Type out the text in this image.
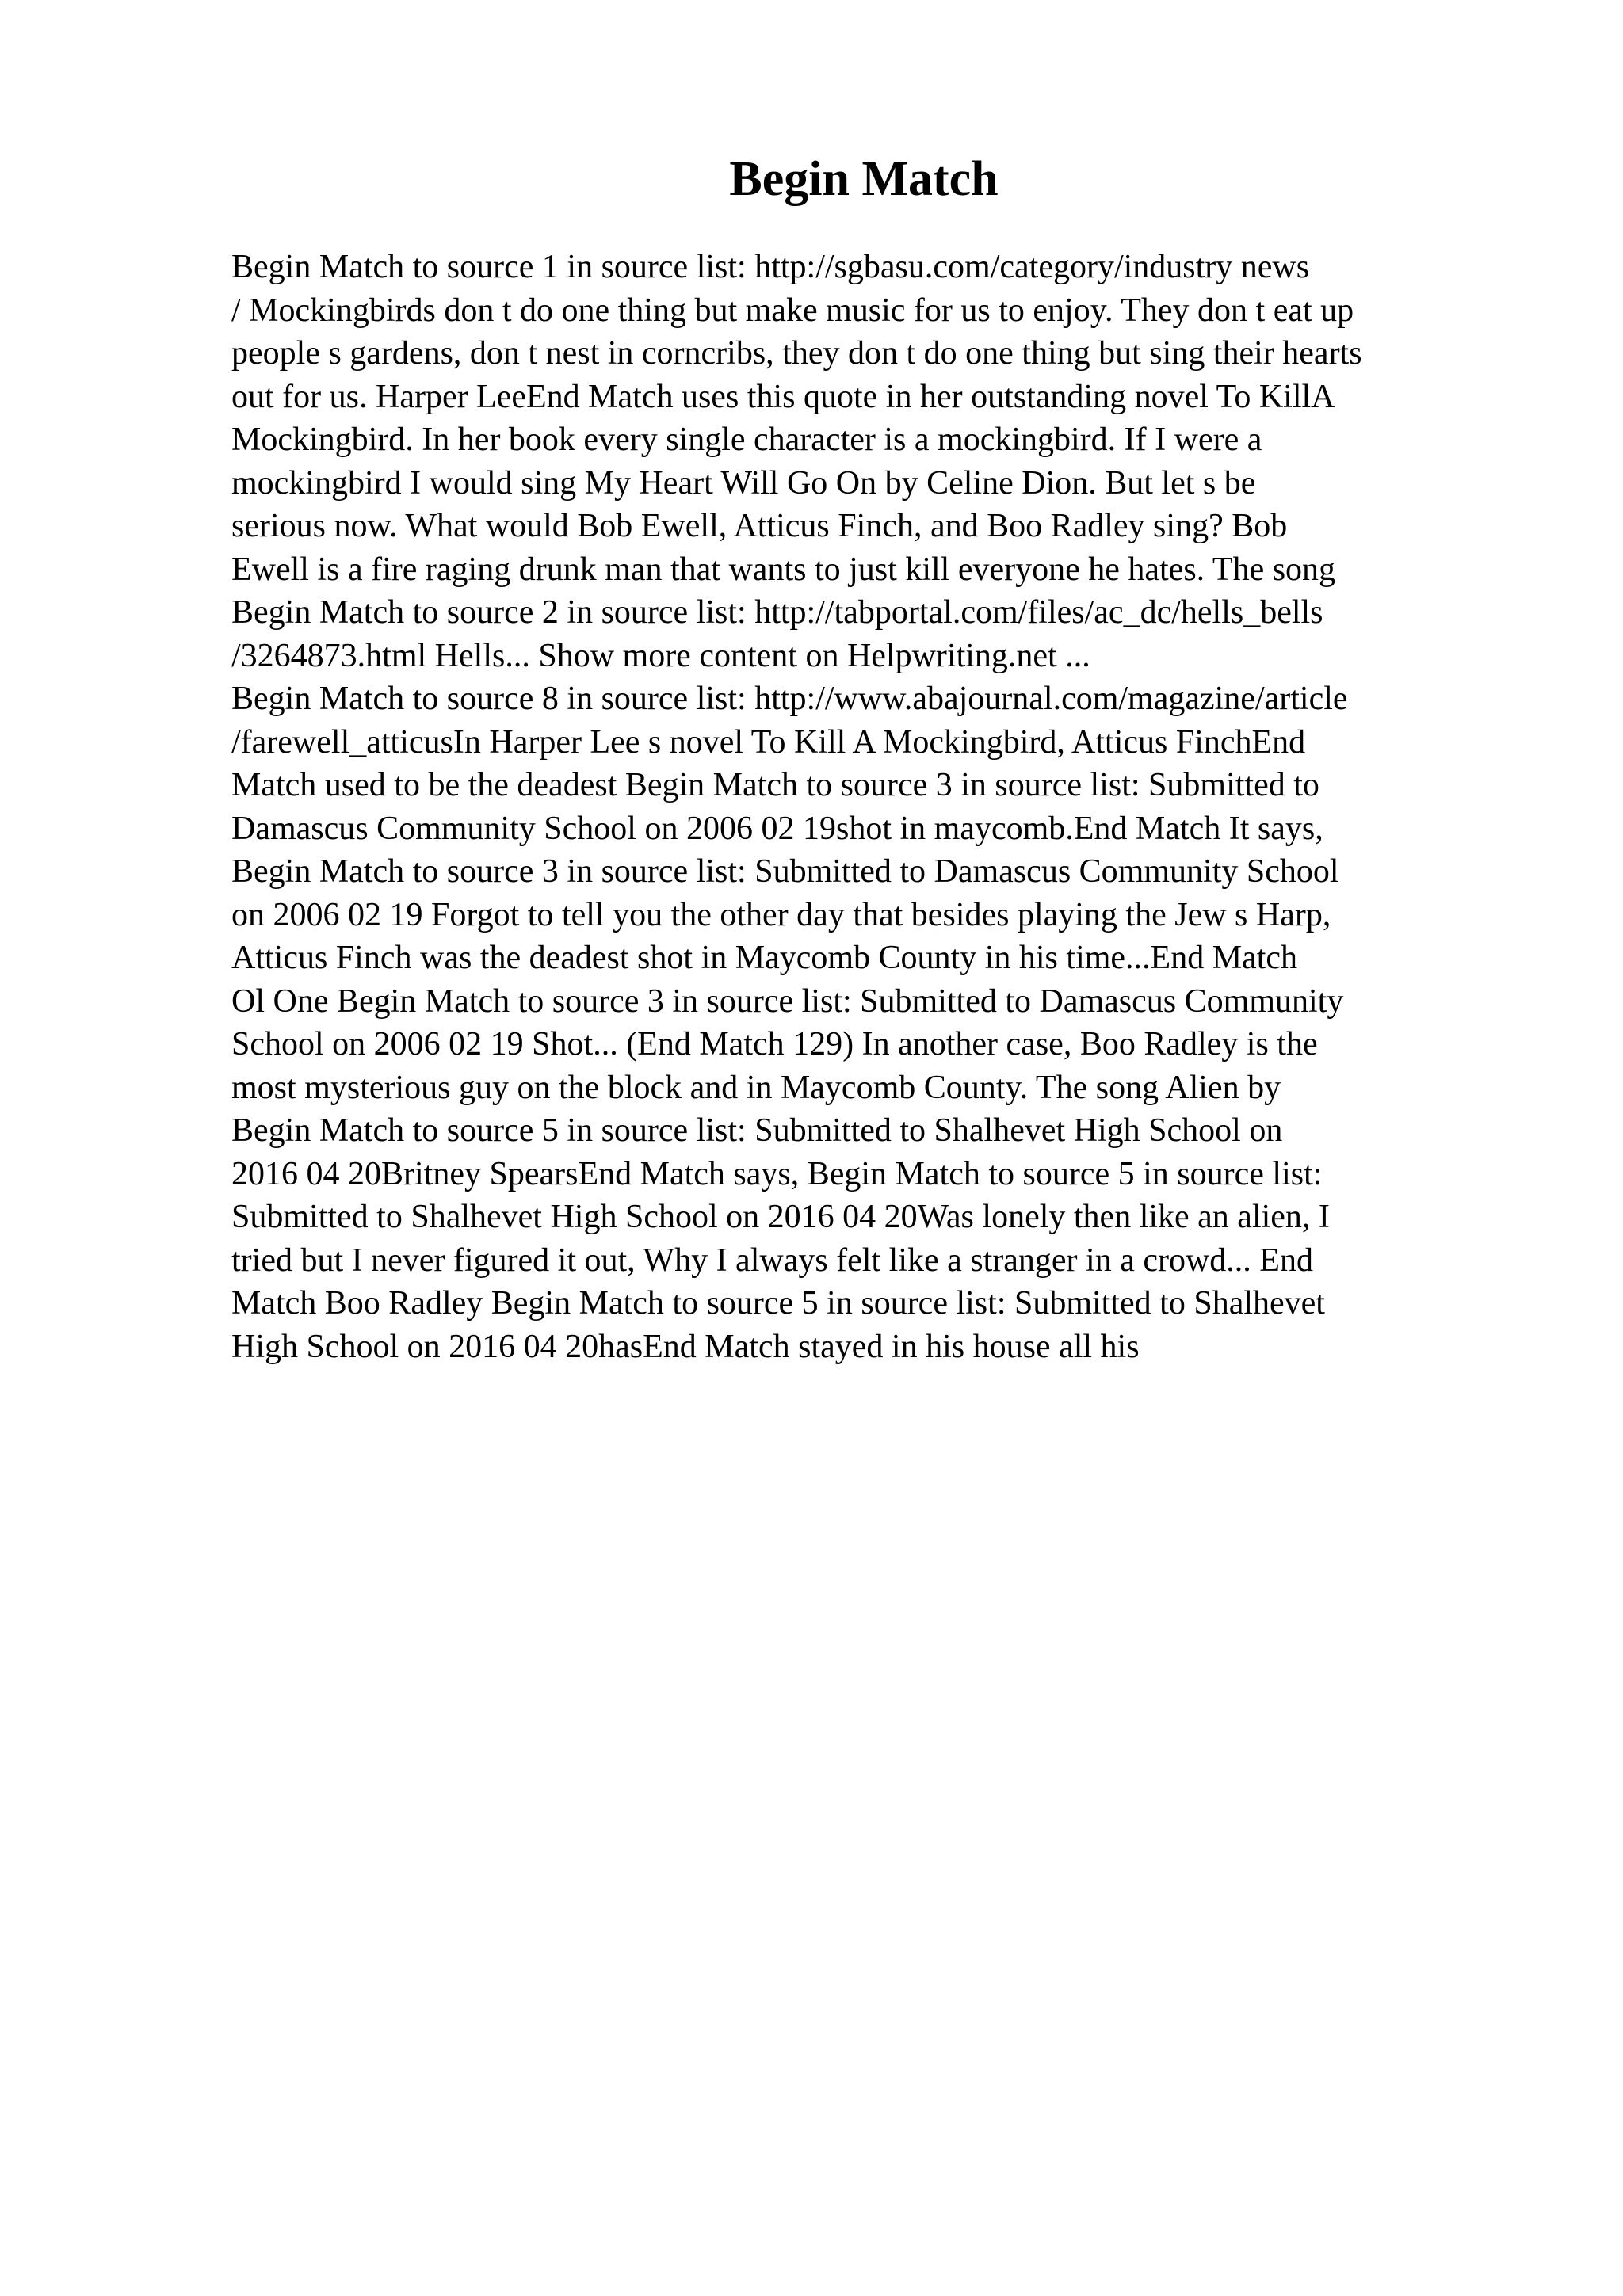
Begin Match
Begin Match to source 1 in source list: http://sgbasu.com/category/industry news
/ Mockingbirds don t do one thing but make music for us to enjoy. They don t eat up
people s gardens, don t nest in corncribs, they don t do one thing but sing their hearts
out for us. Harper LeeEnd Match uses this quote in her outstanding novel To KillA
Mockingbird. In her book every single character is a mockingbird. If I were a
mockingbird I would sing My Heart Will Go On by Celine Dion. But let s be
serious now. What would Bob Ewell, Atticus Finch, and Boo Radley sing? Bob
Ewell is a fire raging drunk man that wants to just kill everyone he hates. The song
Begin Match to source 2 in source list: http://tabportal.com/files/ac_dc/hells_bells
/3264873.html Hells... Show more content on Helpwriting.net ...
Begin Match to source 8 in source list: http://www.abajournal.com/magazine/article
/farewell_atticusIn Harper Lee s novel To Kill A Mockingbird, Atticus FinchEnd
Match used to be the deadest Begin Match to source 3 in source list: Submitted to
Damascus Community School on 2006 02 19shot in maycomb.End Match It says,
Begin Match to source 3 in source list: Submitted to Damascus Community School
on 2006 02 19 Forgot to tell you the other day that besides playing the Jew s Harp,
Atticus Finch was the deadest shot in Maycomb County in his time...End Match
Ol One Begin Match to source 3 in source list: Submitted to Damascus Community
School on 2006 02 19 Shot... (End Match 129) In another case, Boo Radley is the
most mysterious guy on the block and in Maycomb County. The song Alien by
Begin Match to source 5 in source list: Submitted to Shalhevet High School on
2016 04 20Britney SpearsEnd Match says, Begin Match to source 5 in source list:
Submitted to Shalhevet High School on 2016 04 20Was lonely then like an alien, I
tried but I never figured it out, Why I always felt like a stranger in a crowd... End
Match Boo Radley Begin Match to source 5 in source list: Submitted to Shalhevet
High School on 2016 04 20hasEnd Match stayed in his house all his
